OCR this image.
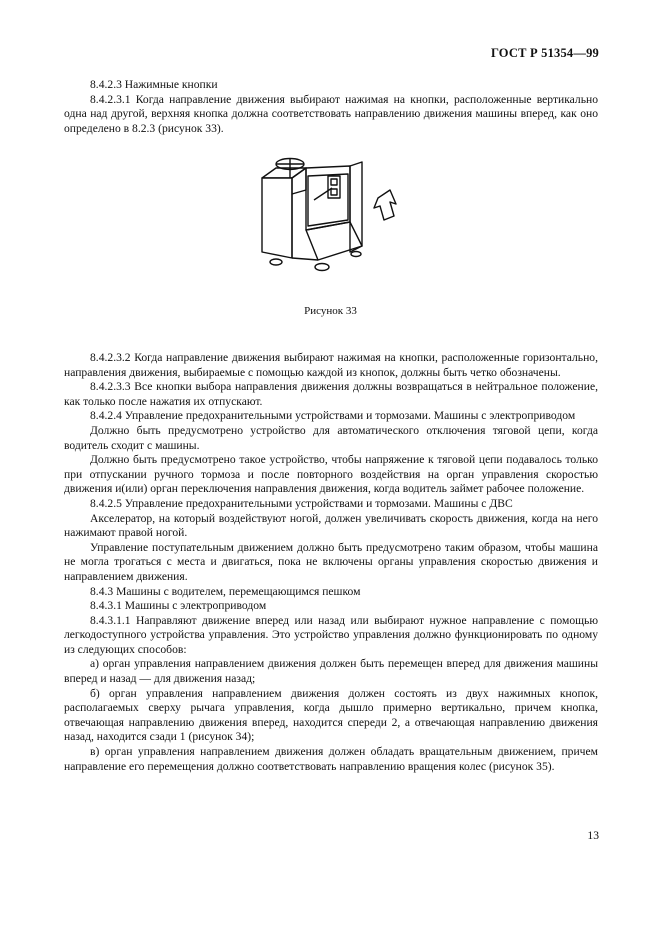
ГОСТ Р 51354—99

8.4.2.3 Нажимные кнопки

8.4.2.3.1 Когда направление движения выбирают нажимая на кнопки, расположенные вертикально одна над другой, верхняя кнопка должна соответствовать направлению движения машины вперед, как оно определено в 8.2.3 (рисунок 33).

Рисунок 33

8.4.2.3.2 Когда направление движения выбирают нажимая на кнопки, расположенные горизонтально, направления движения, выбираемые с помощью каждой из кнопок, должны быть четко обозначены.

8.4.2.3.3 Все кнопки выбора направления движения должны возвращаться в нейтральное положение, как только после нажатия их отпускают.

8.4.2.4 Управление предохранительными устройствами и тормозами. Машины с электроприводом

Должно быть предусмотрено устройство для автоматического отключения тяговой цепи, когда водитель сходит с машины.

Должно быть предусмотрено такое устройство, чтобы напряжение к тяговой цепи подавалось только при отпускании ручного тормоза и после повторного воздействия на орган управления скоростью движения и(или) орган переключения направления движения, когда водитель займет рабочее положение.

8.4.2.5 Управление предохранительными устройствами и тормозами. Машины с ДВС

Акселератор, на который воздействуют ногой, должен увеличивать скорость движения, когда на него нажимают правой ногой.

Управление поступательным движением должно быть предусмотрено таким образом, чтобы машина не могла трогаться с места и двигаться, пока не включены органы управления скоростью движения и направлением движения.

8.4.3 Машины с водителем, перемещающимся пешком

8.4.3.1 Машины с электроприводом

8.4.3.1.1 Направляют движение вперед или назад или выбирают нужное направление с помощью легкодоступного устройства управления. Это устройство управления должно функционировать по одному из следующих способов:

а) орган управления направлением движения должен быть перемещен вперед для движения машины вперед и назад — для движения назад;

б) орган управления направлением движения должен состоять из двух нажимных кнопок, располагаемых сверху рычага управления, когда дышло примерно вертикально, причем кнопка, отвечающая направлению движения вперед, находится спереди 2, а отвечающая направлению движения назад, находится сзади 1 (рисунок 34);

в) орган управления направлением движения должен обладать вращательным движением, причем направление его перемещения должно соответствовать направлению вращения колес (рисунок 35).

13
